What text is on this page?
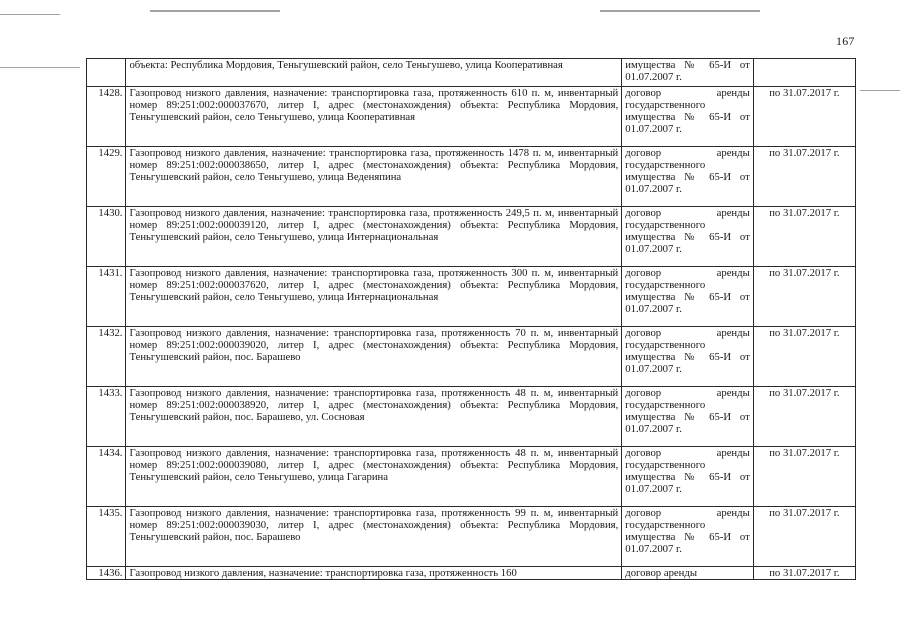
167
	объекта: Республика Мордовия, Теньгушевский район, село Теньгушево, улица Кооперативная	имущества № 65-И от 01.07.2007 г.	
1428.	Газопровод низкого давления, назначение: транспортировка газа, протяженность 610 п. м, инвентарный номер 89:251:002:000037670, литер I, адрес (местонахождения) объекта: Республика Мордовия, Теньгушевский район, село Теньгушево, улица Кооперативная	договор аренды государственного имущества № 65-И от 01.07.2007 г.	по 31.07.2017 г.
1429.	Газопровод низкого давления, назначение: транспортировка газа, протяженность 1478 п. м, инвентарный номер 89:251:002:000038650, литер I, адрес (местонахождения) объекта: Республика Мордовия, Теньгушевский район, село Теньгушево, улица Веденяпина	договор аренды государственного имущества № 65-И от 01.07.2007 г.	по 31.07.2017 г.
1430.	Газопровод низкого давления, назначение: транспортировка газа, протяженность 249,5 п. м, инвентарный номер 89:251:002:000039120, литер I, адрес (местонахождения) объекта: Республика Мордовия, Теньгушевский район, село Теньгушево, улица Интернациональная	договор аренды государственного имущества № 65-И от 01.07.2007 г.	по 31.07.2017 г.
1431.	Газопровод низкого давления, назначение: транспортировка газа, протяженность 300 п. м, инвентарный номер 89:251:002:000037620, литер I, адрес (местонахождения) объекта: Республика Мордовия, Теньгушевский район, село Теньгушево, улица Интернациональная	договор аренды государственного имущества № 65-И от 01.07.2007 г.	по 31.07.2017 г.
1432.	Газопровод низкого давления, назначение: транспортировка газа, протяженность 70 п. м, инвентарный номер 89:251:002:000039020, литер I, адрес (местонахождения) объекта: Республика Мордовия, Теньгушевский район, пос. Барашево	договор аренды государственного имущества № 65-И от 01.07.2007 г.	по 31.07.2017 г.
1433.	Газопровод низкого давления, назначение: транспортировка газа, протяженность 48 п. м, инвентарный номер 89:251:002:000038920, литер I, адрес (местонахождения) объекта: Республика Мордовия, Теньгушевский район, пос. Барашево, ул. Сосновая	договор аренды государственного имущества № 65-И от 01.07.2007 г.	по 31.07.2017 г.
1434.	Газопровод низкого давления, назначение: транспортировка газа, протяженность 48 п. м, инвентарный номер 89:251:002:000039080, литер I, адрес (местонахождения) объекта: Республика Мордовия, Теньгушевский район, село Теньгушево, улица Гагарина	договор аренды государственного имущества № 65-И от 01.07.2007 г.	по 31.07.2017 г.
1435.	Газопровод низкого давления, назначение: транспортировка газа, протяженность 99 п. м, инвентарный номер 89:251:002:000039030, литер I, адрес (местонахождения) объекта: Республика Мордовия, Теньгушевский район, пос. Барашево	договор аренды государственного имущества № 65-И от 01.07.2007 г.	по 31.07.2017 г.
1436.	Газопровод низкого давления, назначение: транспортировка газа, протяженность 160	договор аренды	по 31.07.2017 г.
